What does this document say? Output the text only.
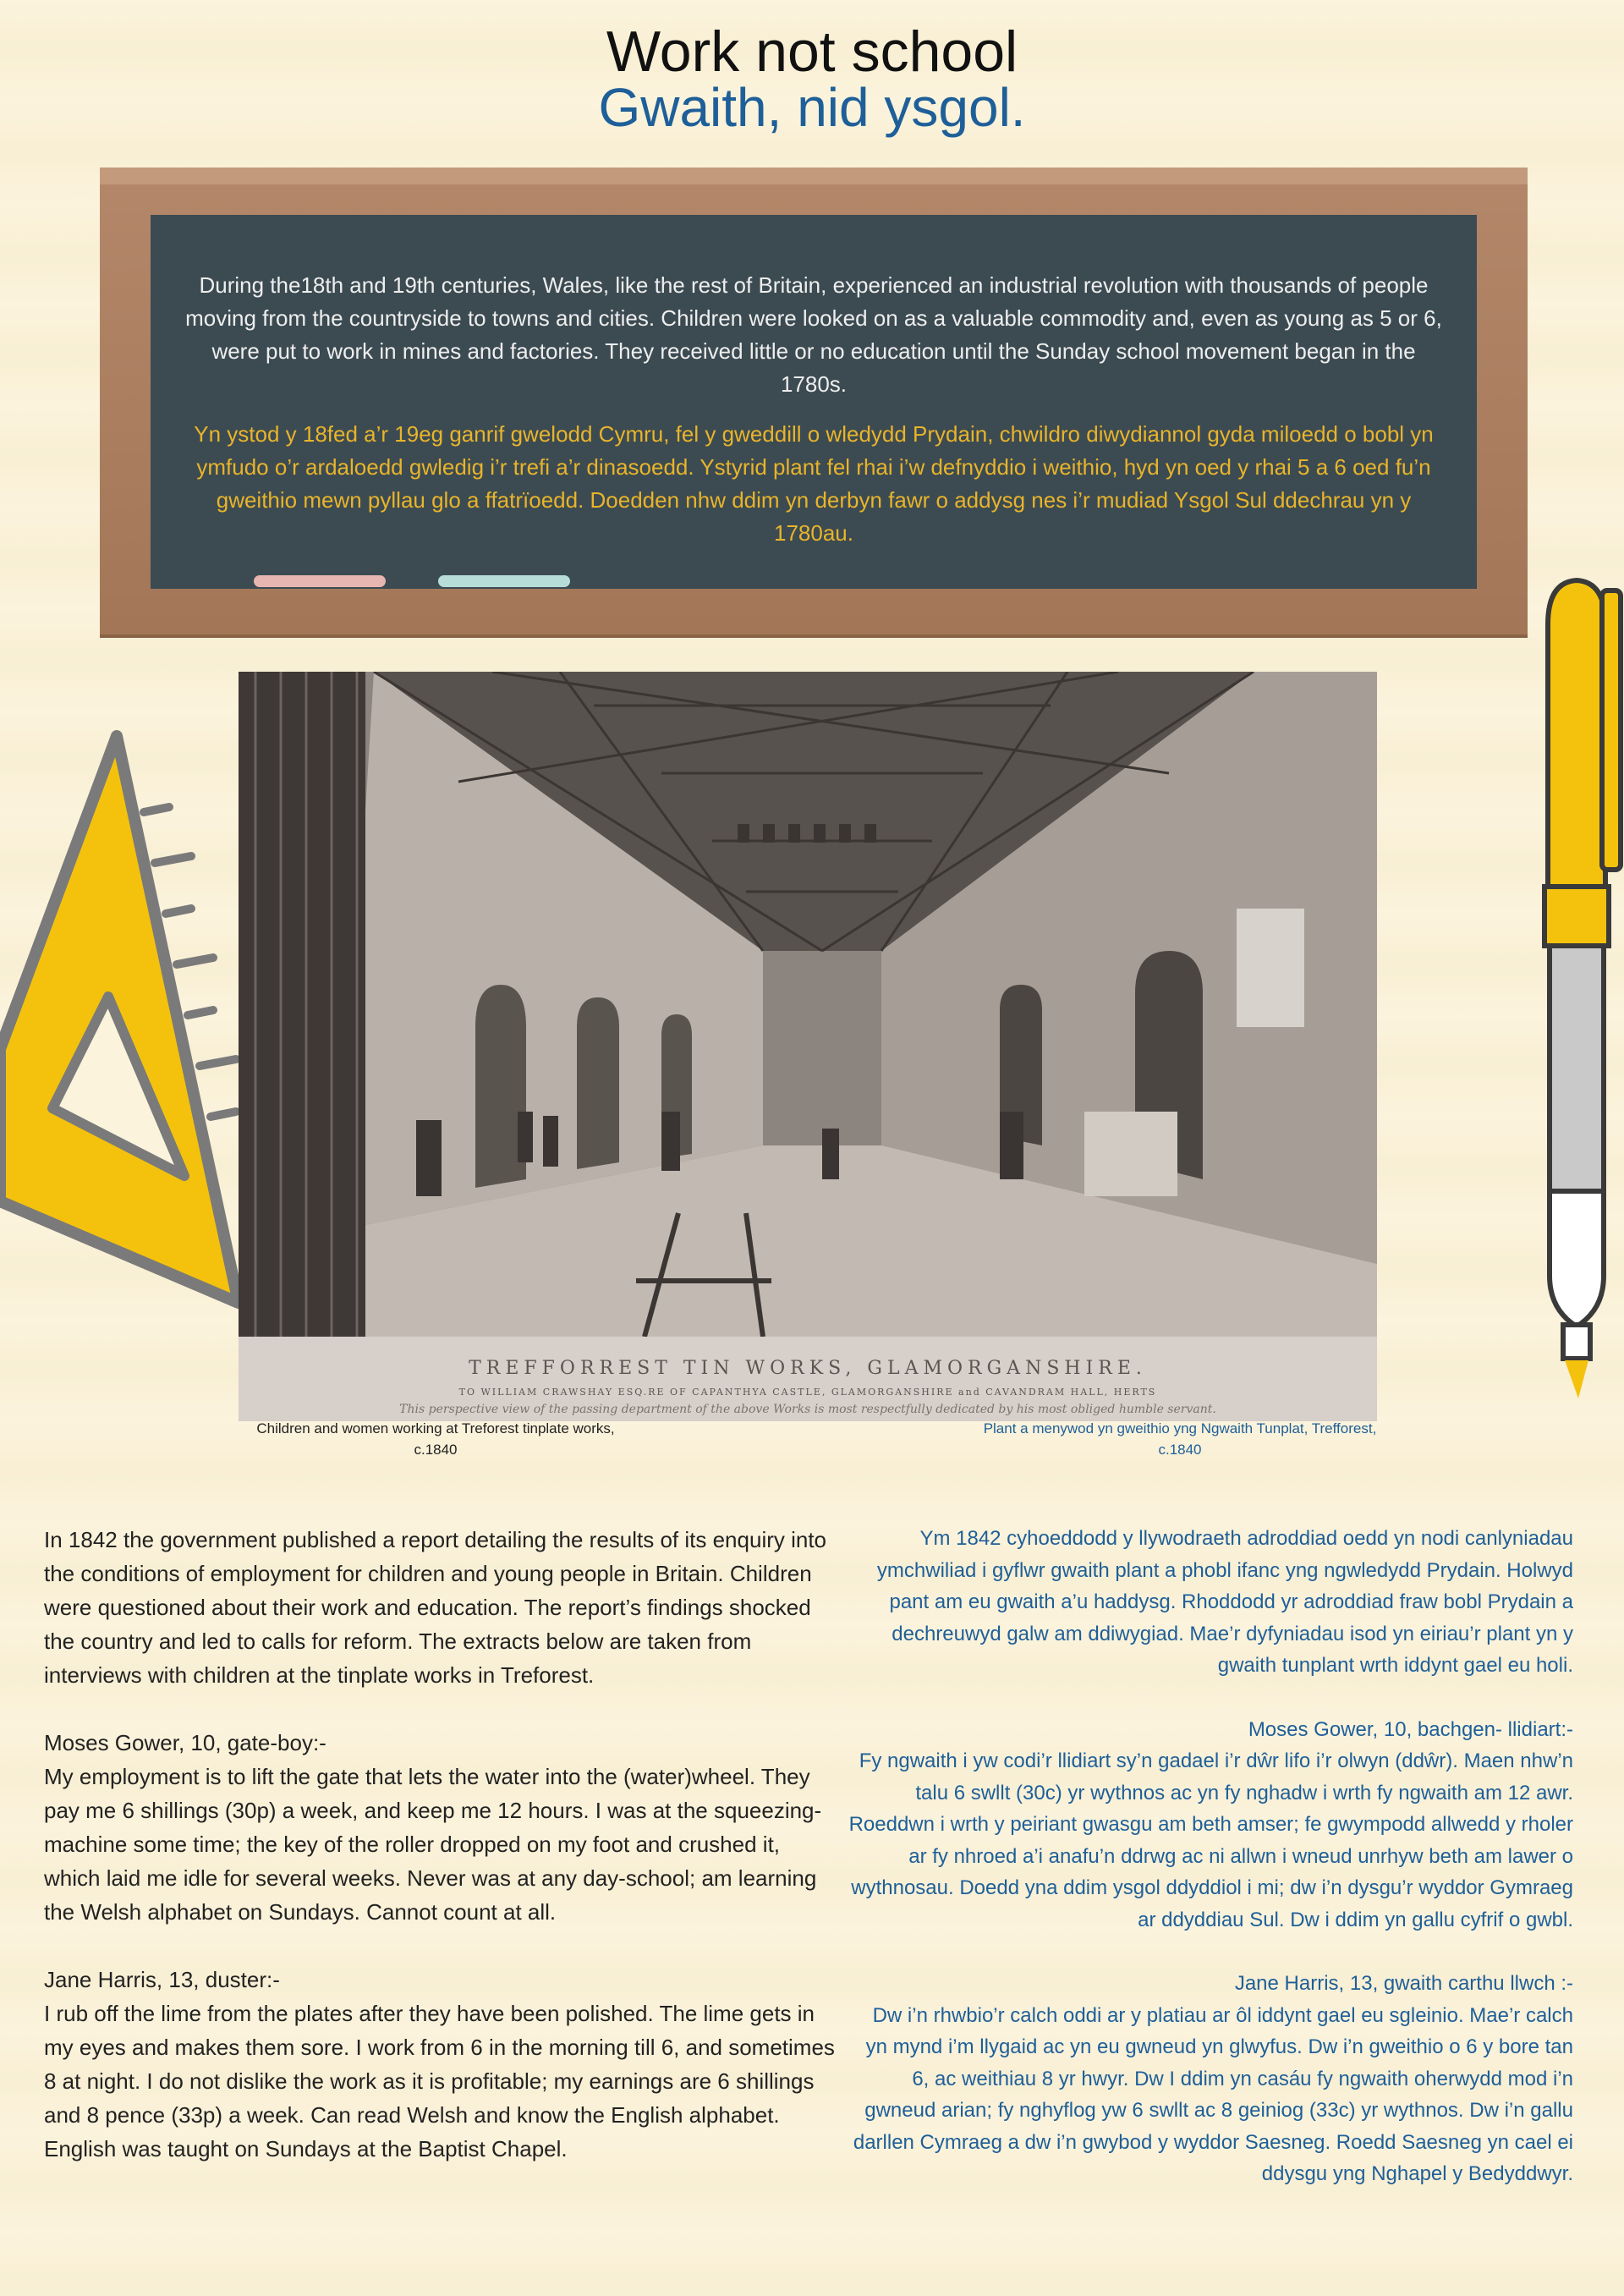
Work not school
Gwaith, nid ysgol.
During the18th and 19th centuries, Wales, like the rest of Britain, experienced an industrial revolution with thousands of people moving from the countryside to towns and cities. Children were looked on as a valuable commodity and, even as young as 5 or 6, were put to work in mines and factories. They received little or no education until the Sunday school movement began in the 1780s.
Yn ystod y 18fed a’r 19eg ganrif gwelodd Cymru, fel y gweddill o wledydd Prydain, chwildro diwydiannol gyda miloedd o bobl yn ymfudo o’r ardaloedd gwledig i’r trefi a’r dinasoedd. Ystyrid plant fel rhai i’w defnyddio i weithio, hyd yn oed y rhai 5 a 6 oed fu’n gweithio mewn pyllau glo a ffatrïoedd. Doedden nhw ddim yn derbyn fawr o addysg nes i’r mudiad Ysgol Sul ddechrau yn y 1780au.
TREFFORREST TIN WORKS, GLAMORGANSHIRE.
TO WILLIAM CRAWSHAY ESQ.RE OF CAPANTHYA CASTLE, GLAMORGANSHIRE and CAVANDRAM HALL, HERTS
This perspective view of the passing department of the above Works is most respectfully dedicated by his most obliged humble servant.
Children and women working at Treforest tinplate works, c.1840
Plant a menywod yn gweithio yng Ngwaith Tunplat, Trefforest, c.1840

In 1842 the government published a report detailing the results of its enquiry into the conditions of employment for children and young people in Britain. Children were questioned about their work and education. The report’s findings shocked the country and led to calls for reform. The extracts below are taken from interviews with children at the tinplate works in Treforest.

Moses Gower, 10, gate-boy:-

My employment is to lift the gate that lets the water into the (water)wheel. They pay me 6 shillings (30p) a week, and keep me 12 hours. I was at the squeezing-machine some time; the key of the roller dropped on my foot and crushed it, which laid me idle for several weeks. Never was at any day-school; am learning the Welsh alphabet on Sundays. Cannot count at all.

Jane Harris, 13, duster:-

I rub off the lime from the plates after they have been polished. The lime gets in my eyes and makes them sore. I work from 6 in the morning till 6, and sometimes 8 at night. I do not dislike the work as it is profitable; my earnings are 6 shillings and 8 pence (33p) a week. Can read Welsh and know the English alphabet. English was taught on Sundays at the Baptist Chapel.

Ym 1842 cyhoeddodd y llywodraeth adroddiad oedd yn nodi canlyniadau ymchwiliad i gyflwr gwaith plant a phobl ifanc yng ngwledydd Prydain. Holwyd pant am eu gwaith a’u haddysg. Rhoddodd yr adroddiad fraw bobl Prydain a dechreuwyd galw am ddiwygiad. Mae’r dyfyniadau isod yn eiriau’r plant yn y gwaith tunplant wrth iddynt gael eu holi.

Moses Gower, 10, bachgen- llidiart:-

Fy ngwaith i yw codi’r llidiart sy’n gadael i’r dŵr lifo i’r olwyn (ddŵr). Maen nhw’n talu 6 swllt (30c) yr wythnos ac yn fy nghadw i wrth fy ngwaith am 12 awr. Roeddwn i wrth y peiriant gwasgu am beth amser; fe gwympodd allwedd y rholer ar fy nhroed a’i anafu’n ddrwg ac ni allwn i wneud unrhyw beth am lawer o wythnosau. Doedd yna ddim ysgol ddyddiol i mi; dw i’n dysgu’r wyddor Gymraeg ar ddyddiau Sul. Dw i ddim yn gallu cyfrif o gwbl.

Jane Harris, 13, gwaith carthu llwch :-

Dw i’n rhwbio’r calch oddi ar y platiau ar ôl iddynt gael eu sgleinio. Mae’r calch yn mynd i’m llygaid ac yn eu gwneud yn glwyfus. Dw i’n gweithio o 6 y bore tan 6, ac weithiau 8 yr hwyr. Dw I ddim yn casáu fy ngwaith oherwydd mod i’n gwneud arian; fy nghyflog yw 6 swllt ac 8 geiniog (33c) yr wythnos. Dw i’n gallu darllen Cymraeg a dw i’n gwybod y wyddor Saesneg. Roedd Saesneg yn cael ei ddysgu yng Nghapel y Bedyddwyr.
